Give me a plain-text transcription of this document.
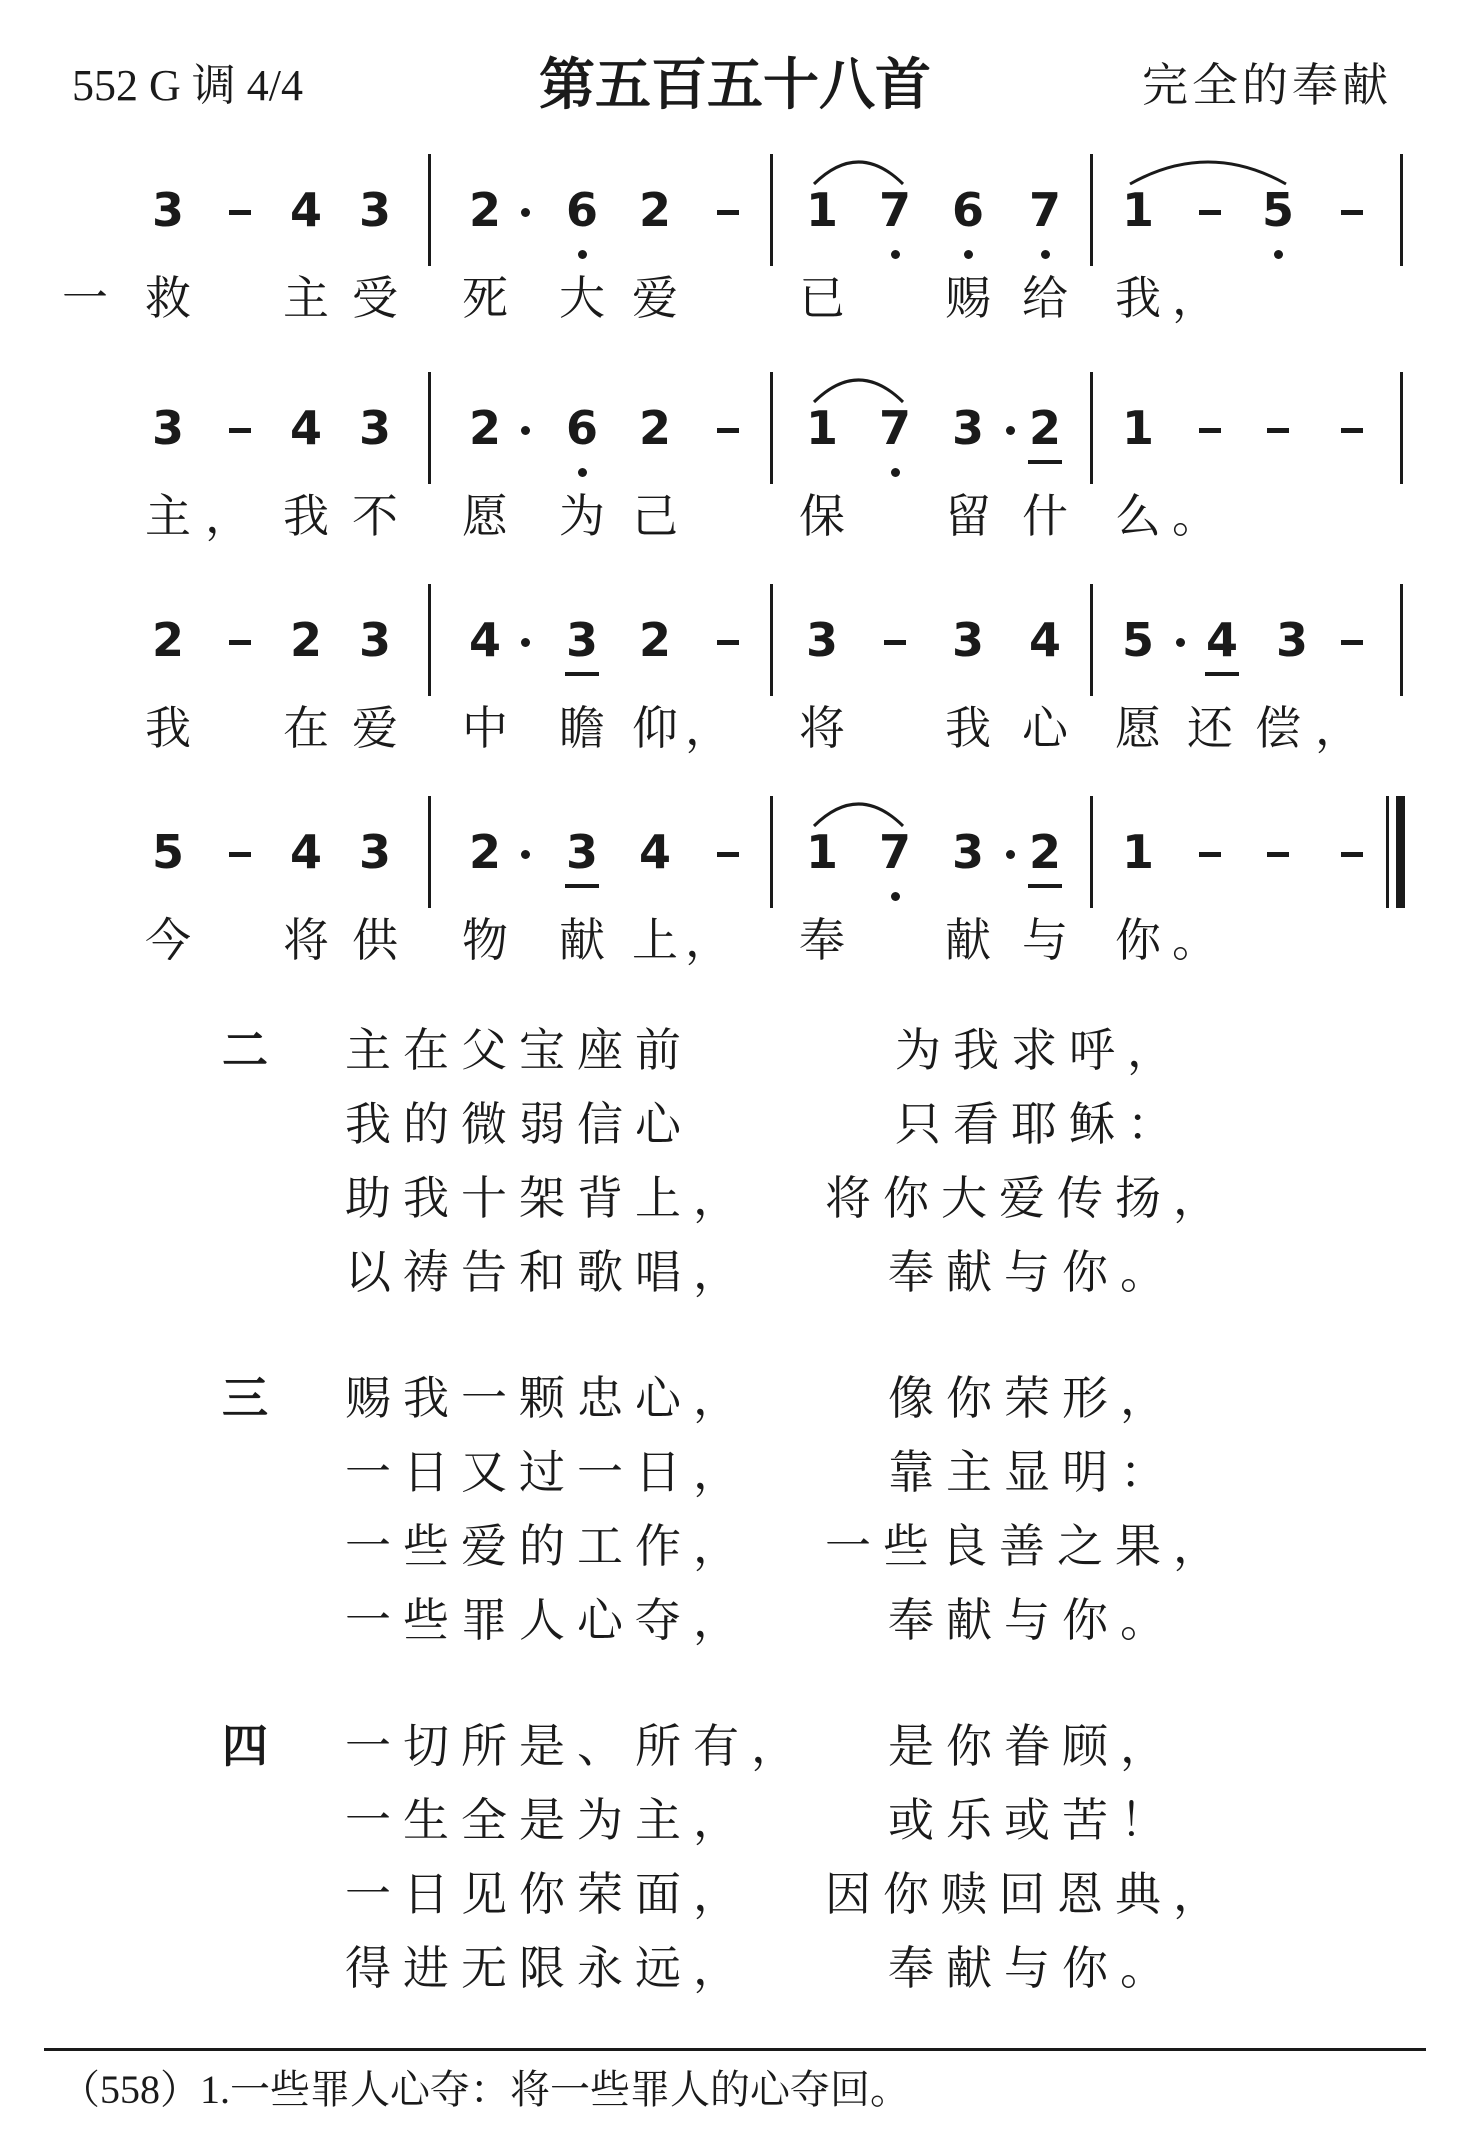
552 G 调 4/4	第五百五十八首	完全的奉献
3 4 3 2 6 2	1 7 6 7 1 5
一 救 主 受 死 大 爱	已 赐 给 我 ，
3 4 3 2 6 2	1 7 3 2 1
主 ， 我 不 愿 为 己	保 留 什 么 。
2 2 3 4 3 2	3 3 4 5 4 3
我 在 爱 中 瞻 仰 ， 将 我 心 愿 还 偿 ，
5 4 3 2 3 4	1 7 3 2 1
今 将 供 物 献 上 ， 奉 献 与 你 。
二 主在父宝座前	为我求呼，
我的微弱信心	只看耶稣：
助我十架背上， 将你大爱传扬，
以祷告和歌唱，	奉献与你。
三 赐我一颗忠心，	像你荣形，
一日又过一日，	靠主显明：
一些爱的工作， 一些良善之果，
一些罪人心夺，	奉献与你。
四 一切所是、所有， 是你眷顾，
一生全是为主，	或乐或苦！
一日见你荣面， 因你赎回恩典，
得进无限永远，	奉献与你。
（558）1.一些罪人心夺：将一些罪人的心夺回。
